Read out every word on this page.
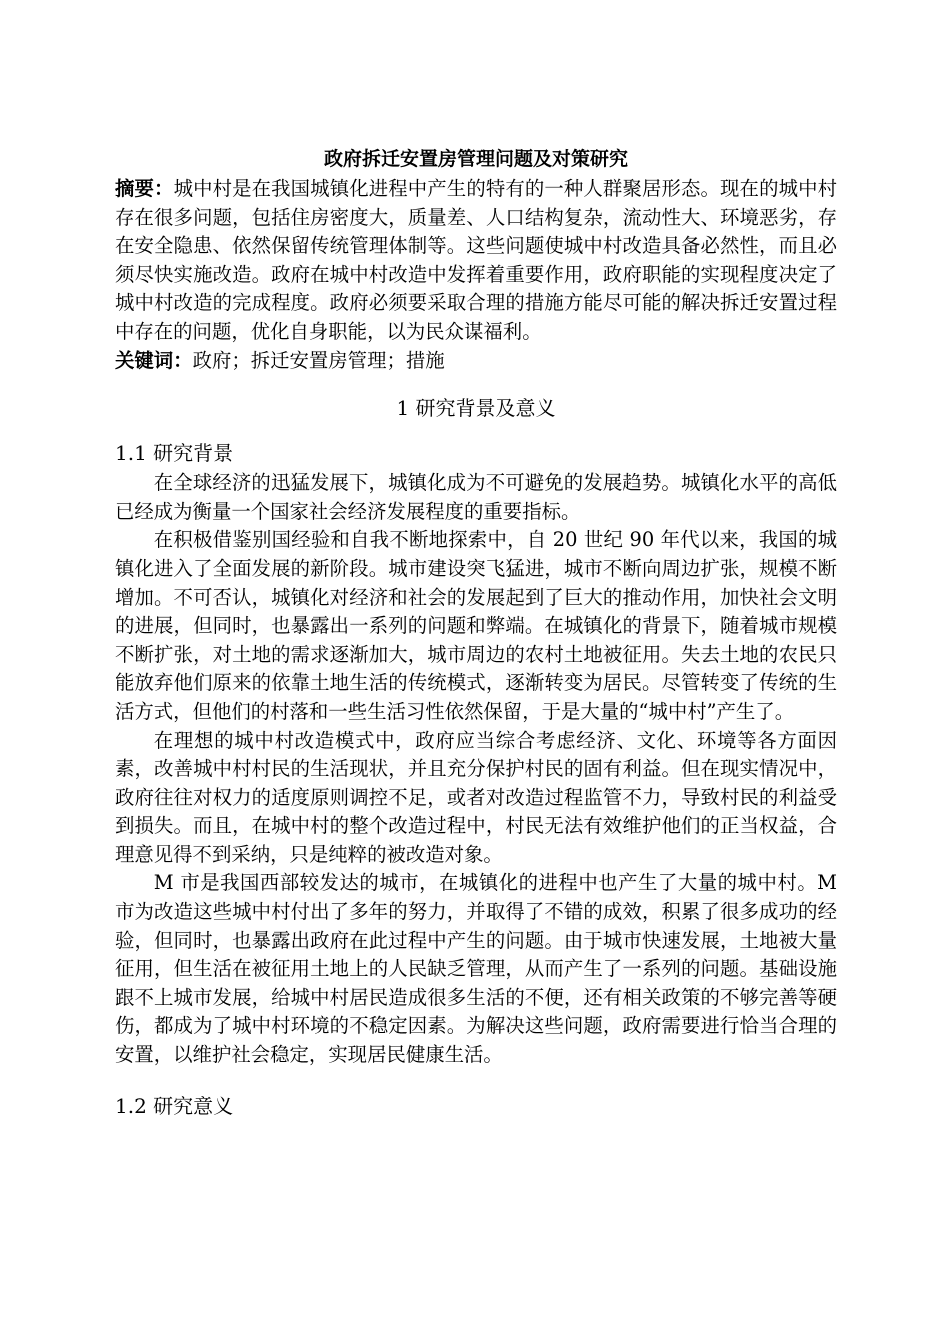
政府拆迁安置房管理问题及对策研究

摘要：城中村是在我国城镇化进程中产生的特有的一种人群聚居形态。现在的城中村存在很多问题，包括住房密度大，质量差、人口结构复杂，流动性大、环境恶劣，存在安全隐患、依然保留传统管理体制等。这些问题使城中村改造具备必然性，而且必须尽快实施改造。政府在城中村改造中发挥着重要作用，政府职能的实现程度决定了城中村改造的完成程度。政府必须要采取合理的措施方能尽可能的解决拆迁安置过程中存在的问题，优化自身职能，以为民众谋福利。

关键词：政府；拆迁安置房管理；措施

1 研究背景及意义
1.1 研究背景

在全球经济的迅猛发展下，城镇化成为不可避免的发展趋势。城镇化水平的高低已经成为衡量一个国家社会经济发展程度的重要指标。

在积极借鉴别国经验和自我不断地探索中，自 20 世纪 90 年代以来，我国的城镇化进入了全面发展的新阶段。城市建设突飞猛进，城市不断向周边扩张，规模不断增加。不可否认，城镇化对经济和社会的发展起到了巨大的推动作用，加快社会文明的进展，但同时，也暴露出一系列的问题和弊端。在城镇化的背景下，随着城市规模不断扩张，对土地的需求逐渐加大，城市周边的农村土地被征用。失去土地的农民只能放弃他们原来的依靠土地生活的传统模式，逐渐转变为居民。尽管转变了传统的生活方式，但他们的村落和一些生活习性依然保留，于是大量的“城中村”产生了。

在理想的城中村改造模式中，政府应当综合考虑经济、文化、环境等各方面因素，改善城中村村民的生活现状，并且充分保护村民的固有利益。但在现实情况中，政府往往对权力的适度原则调控不足，或者对改造过程监管不力，导致村民的利益受到损失。而且，在城中村的整个改造过程中，村民无法有效维护他们的正当权益，合理意见得不到采纳，只是纯粹的被改造对象。

M 市是我国西部较发达的城市，在城镇化的进程中也产生了大量的城中村。M 市为改造这些城中村付出了多年的努力，并取得了不错的成效，积累了很多成功的经验，但同时，也暴露出政府在此过程中产生的问题。由于城市快速发展，土地被大量征用，但生活在被征用土地上的人民缺乏管理，从而产生了一系列的问题。基础设施跟不上城市发展，给城中村居民造成很多生活的不便，还有相关政策的不够完善等硬伤，都成为了城中村环境的不稳定因素。为解决这些问题，政府需要进行恰当合理的安置，以维护社会稳定，实现居民健康生活。

1.2 研究意义
